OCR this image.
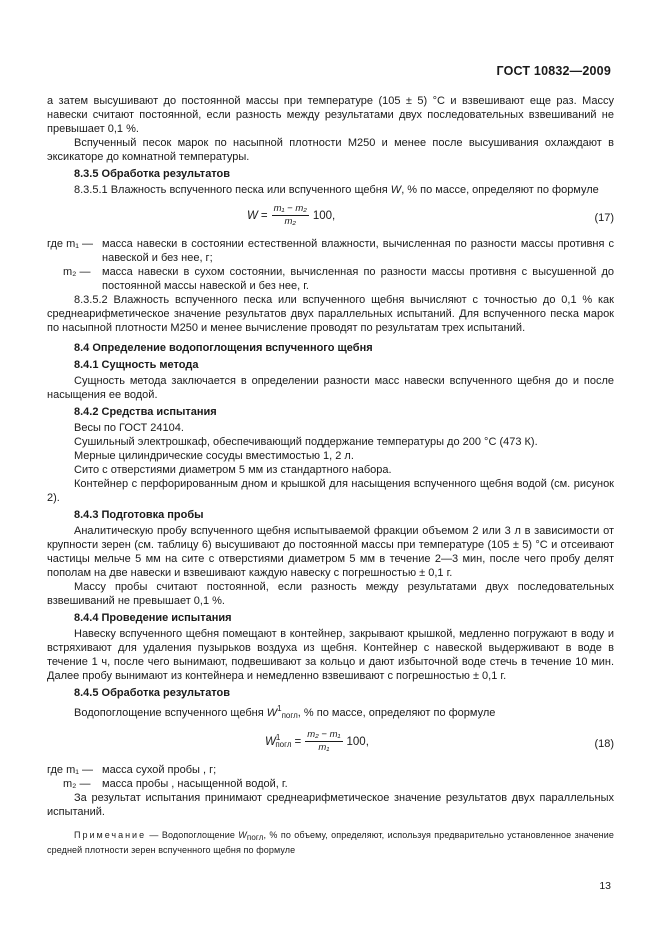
ГОСТ 10832—2009

а затем высушивают до постоянной массы при температуре (105 ± 5) °С и взвешивают еще раз. Массу навески считают постоянной, если разность между результатами двух последовательных взвешиваний не превышает 0,1 %.

Вспученный песок марок по насыпной плотности М250 и менее после высушивания охлаждают в эксикаторе до комнатной температуры.

8.3.5 Обработка результатов

8.3.5.1 Влажность вспученного песка или вспученного щебня W, % по массе, определяют по формуле

$W = \frac{\text{m₁ − m₂}}{\text{m₂}} 100$,	(17)
где m₁ — масса навески в состоянии естественной влажности, вычисленная по разности массы противня с навеской и без нее, г;
m₂ —	масса навески в сухом состоянии, вычисленная по разности массы противня с высушенной до постоянной массы навеской и без нее, г.

8.3.5.2 Влажность вспученного песка или вспученного щебня вычисляют с точностью до 0,1 % как среднеарифметическое значение результатов двух параллельных испытаний. Для вспученного песка марок по насыпной плотности М250 и менее вычисление проводят по результатам трех испытаний.

8.4 Определение водопоглощения вспученного щебня

8.4.1 Сущность метода

Сущность метода заключается в определении разности масс навески вспученного щебня до и после насыщения ее водой.

8.4.2 Средства испытания

Весы по ГОСТ 24104.

Сушильный электрошкаф, обеспечивающий поддержание температуры до 200 °С (473 К).

Мерные цилиндрические сосуды вместимостью 1, 2 л.

Сито с отверстиями диаметром 5 мм из стандартного набора.

Контейнер с перфорированным дном и крышкой для насыщения вспученного щебня водой (см. рисунок 2).

8.4.3 Подготовка пробы

Аналитическую пробу вспученного щебня испытываемой фракции объемом 2 или 3 л в зависимости от крупности зерен (см. таблицу 6) высушивают до постоянной массы при температуре (105 ± 5) °С и отсеивают частицы мельче 5 мм на сите с отверстиями диаметром 5 мм в течение 2—3 мин, после чего пробу делят пополам на две навески и взвешивают каждую навеску с погрешностью ± 0,1 г.

Массу пробы считают постоянной, если разность между результатами двух последовательных взвешиваний не превышает 0,1 %.

8.4.4 Проведение испытания

Навеску вспученного щебня помещают в контейнер, закрывают крышкой, медленно погружают в воду и встряхивают для удаления пузырьков воздуха из щебня. Контейнер с навеской выдерживают в воде в течение 1 ч, после чего вынимают, подвешивают за кольцо и дают избыточной воде стечь в течение 10 мин. Далее пробу вынимают из контейнера и немедленно взвешивают с погрешностью ± 0,1 г.

8.4.5 Обработка результатов

Водопоглощение вспученного щебня $W^1_{погл}$, % по массе, определяют по формуле

$W^1_{погл} = \frac{\text{m₂ − m₁}}{\text{m₁}} 100$,	(18)
где m₁ — масса сухой пробы , г;
m₂ —	масса пробы , насыщенной водой, г.

За результат испытания принимают среднеарифметическое значение результатов двух параллельных испытаний.

Примечание — Водопоглощение $W_{погл}$, % по объему, определяют, используя предварительно установленное значение средней плотности зерен вспученного щебня по формуле

13
